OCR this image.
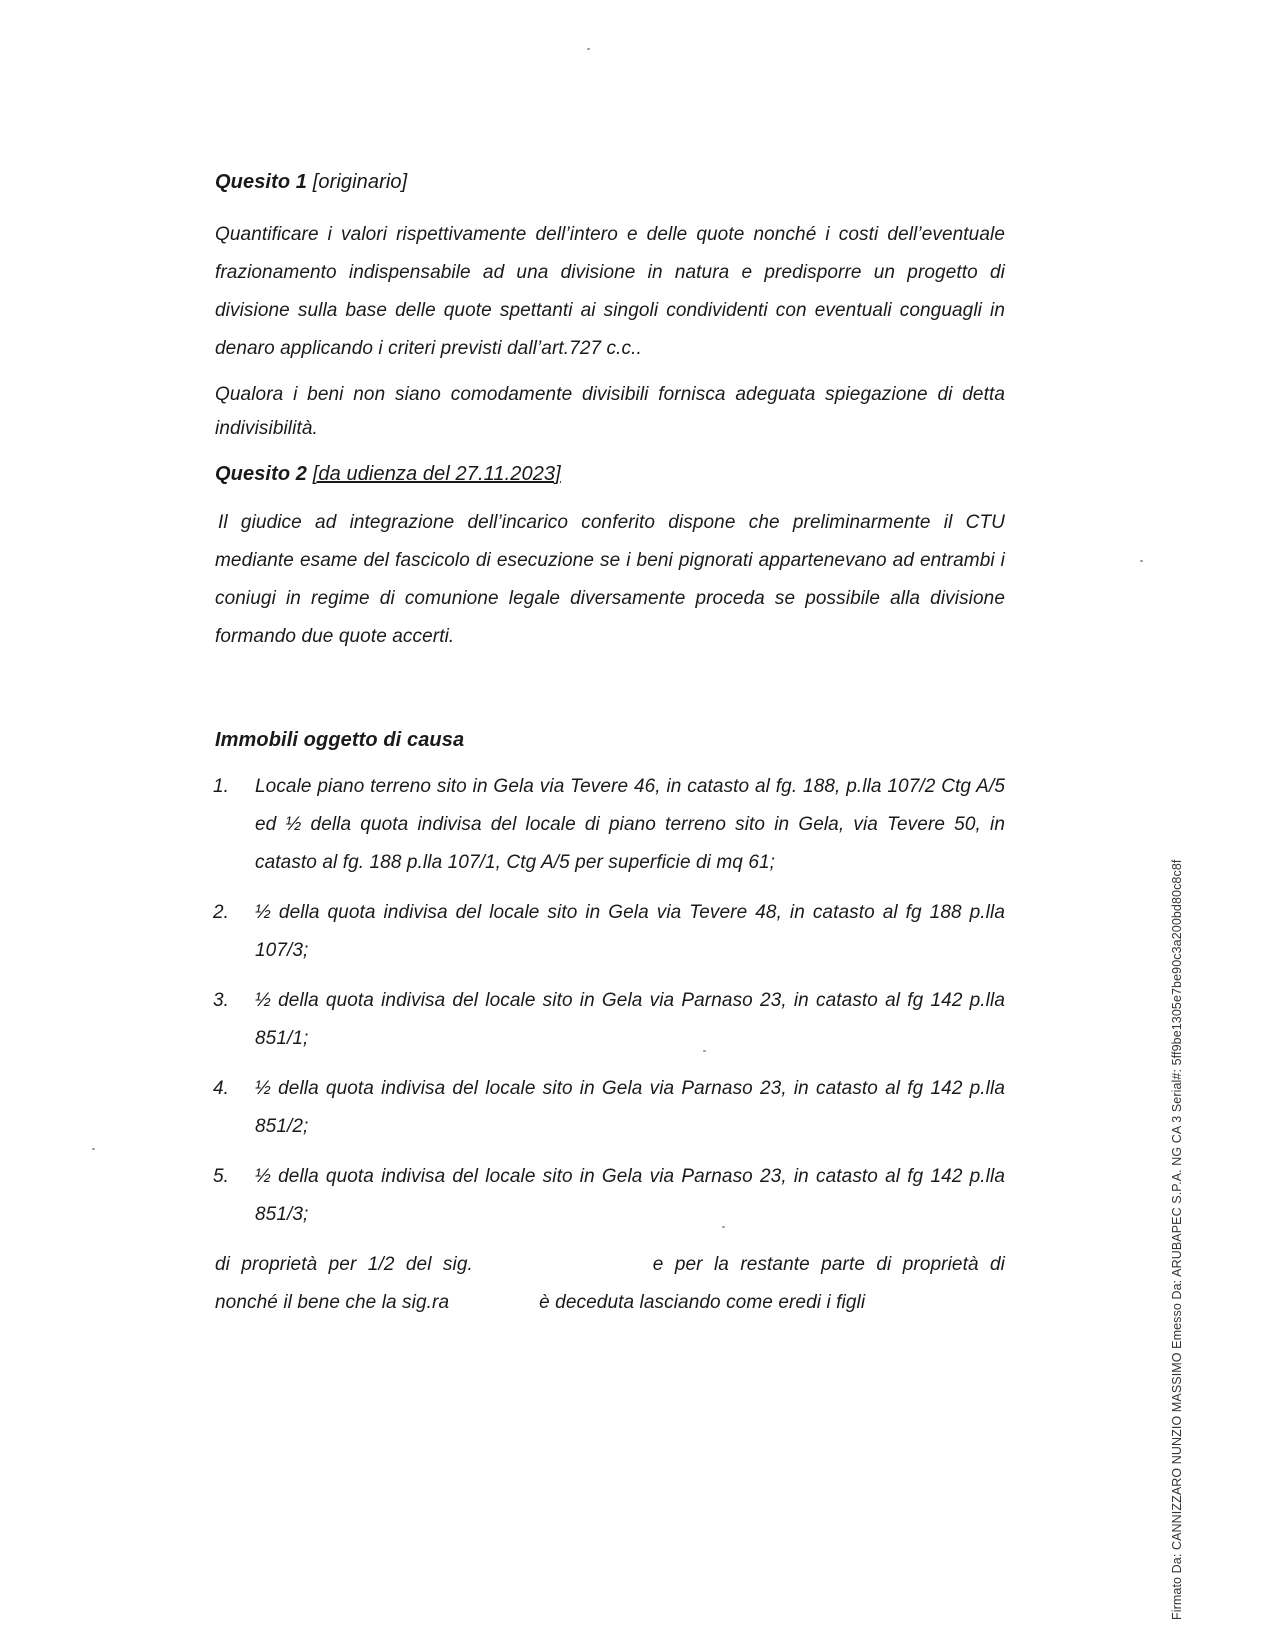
Quesito 1 [originario]

Quantificare i valori rispettivamente dell’intero e delle quote nonché i costi dell’eventuale frazionamento indispensabile ad una divisione in natura e predisporre un progetto di divisione sulla base delle quote spettanti ai singoli condividenti con eventuali conguagli in denaro applicando i criteri previsti dall’art.727 c.c..

Qualora i beni non siano comodamente divisibili fornisca adeguata spiegazione di detta indivisibilità.

Quesito 2 [da udienza del 27.11.2023]

Il giudice ad integrazione dell’incarico conferito dispone che preliminarmente il CTU mediante esame del fascicolo di esecuzione se i beni pignorati appartenevano ad entrambi i coniugi in regime di comunione legale diversamente proceda se possibile alla divisione formando due quote accerti.

Immobili oggetto di causa
1. Locale piano terreno sito in Gela via Tevere 46, in catasto al fg. 188, p.lla 107/2 Ctg A/5 ed ½ della quota indivisa del locale di piano terreno sito in Gela, via Tevere 50, in catasto al fg. 188 p.lla 107/1, Ctg A/5 per superficie di mq 61;
2. ½ della quota indivisa del locale sito in Gela via Tevere 48, in catasto al fg 188 p.lla 107/3;
3. ½ della quota indivisa del locale sito in Gela via Parnaso 23, in catasto al fg 142 p.lla 851/1;
4. ½ della quota indivisa del locale sito in Gela via Parnaso 23, in catasto al fg 142 p.lla 851/2;
5. ½ della quota indivisa del locale sito in Gela via Parnaso 23, in catasto al fg 142 p.lla 851/3;
di proprietà per 1/2 del sig.	e per la restante parte di proprietà di
nonché il bene che la sig.ra	è deceduta lasciando come eredi i figli	Firmato Da: CANNIZZARO NUNZIO MASSIMO Emesso Da: ARUBAPEC S.P.A. NG CA 3 Serial#: 5ff9be1305e7be90c3a200bd80c8c8f
